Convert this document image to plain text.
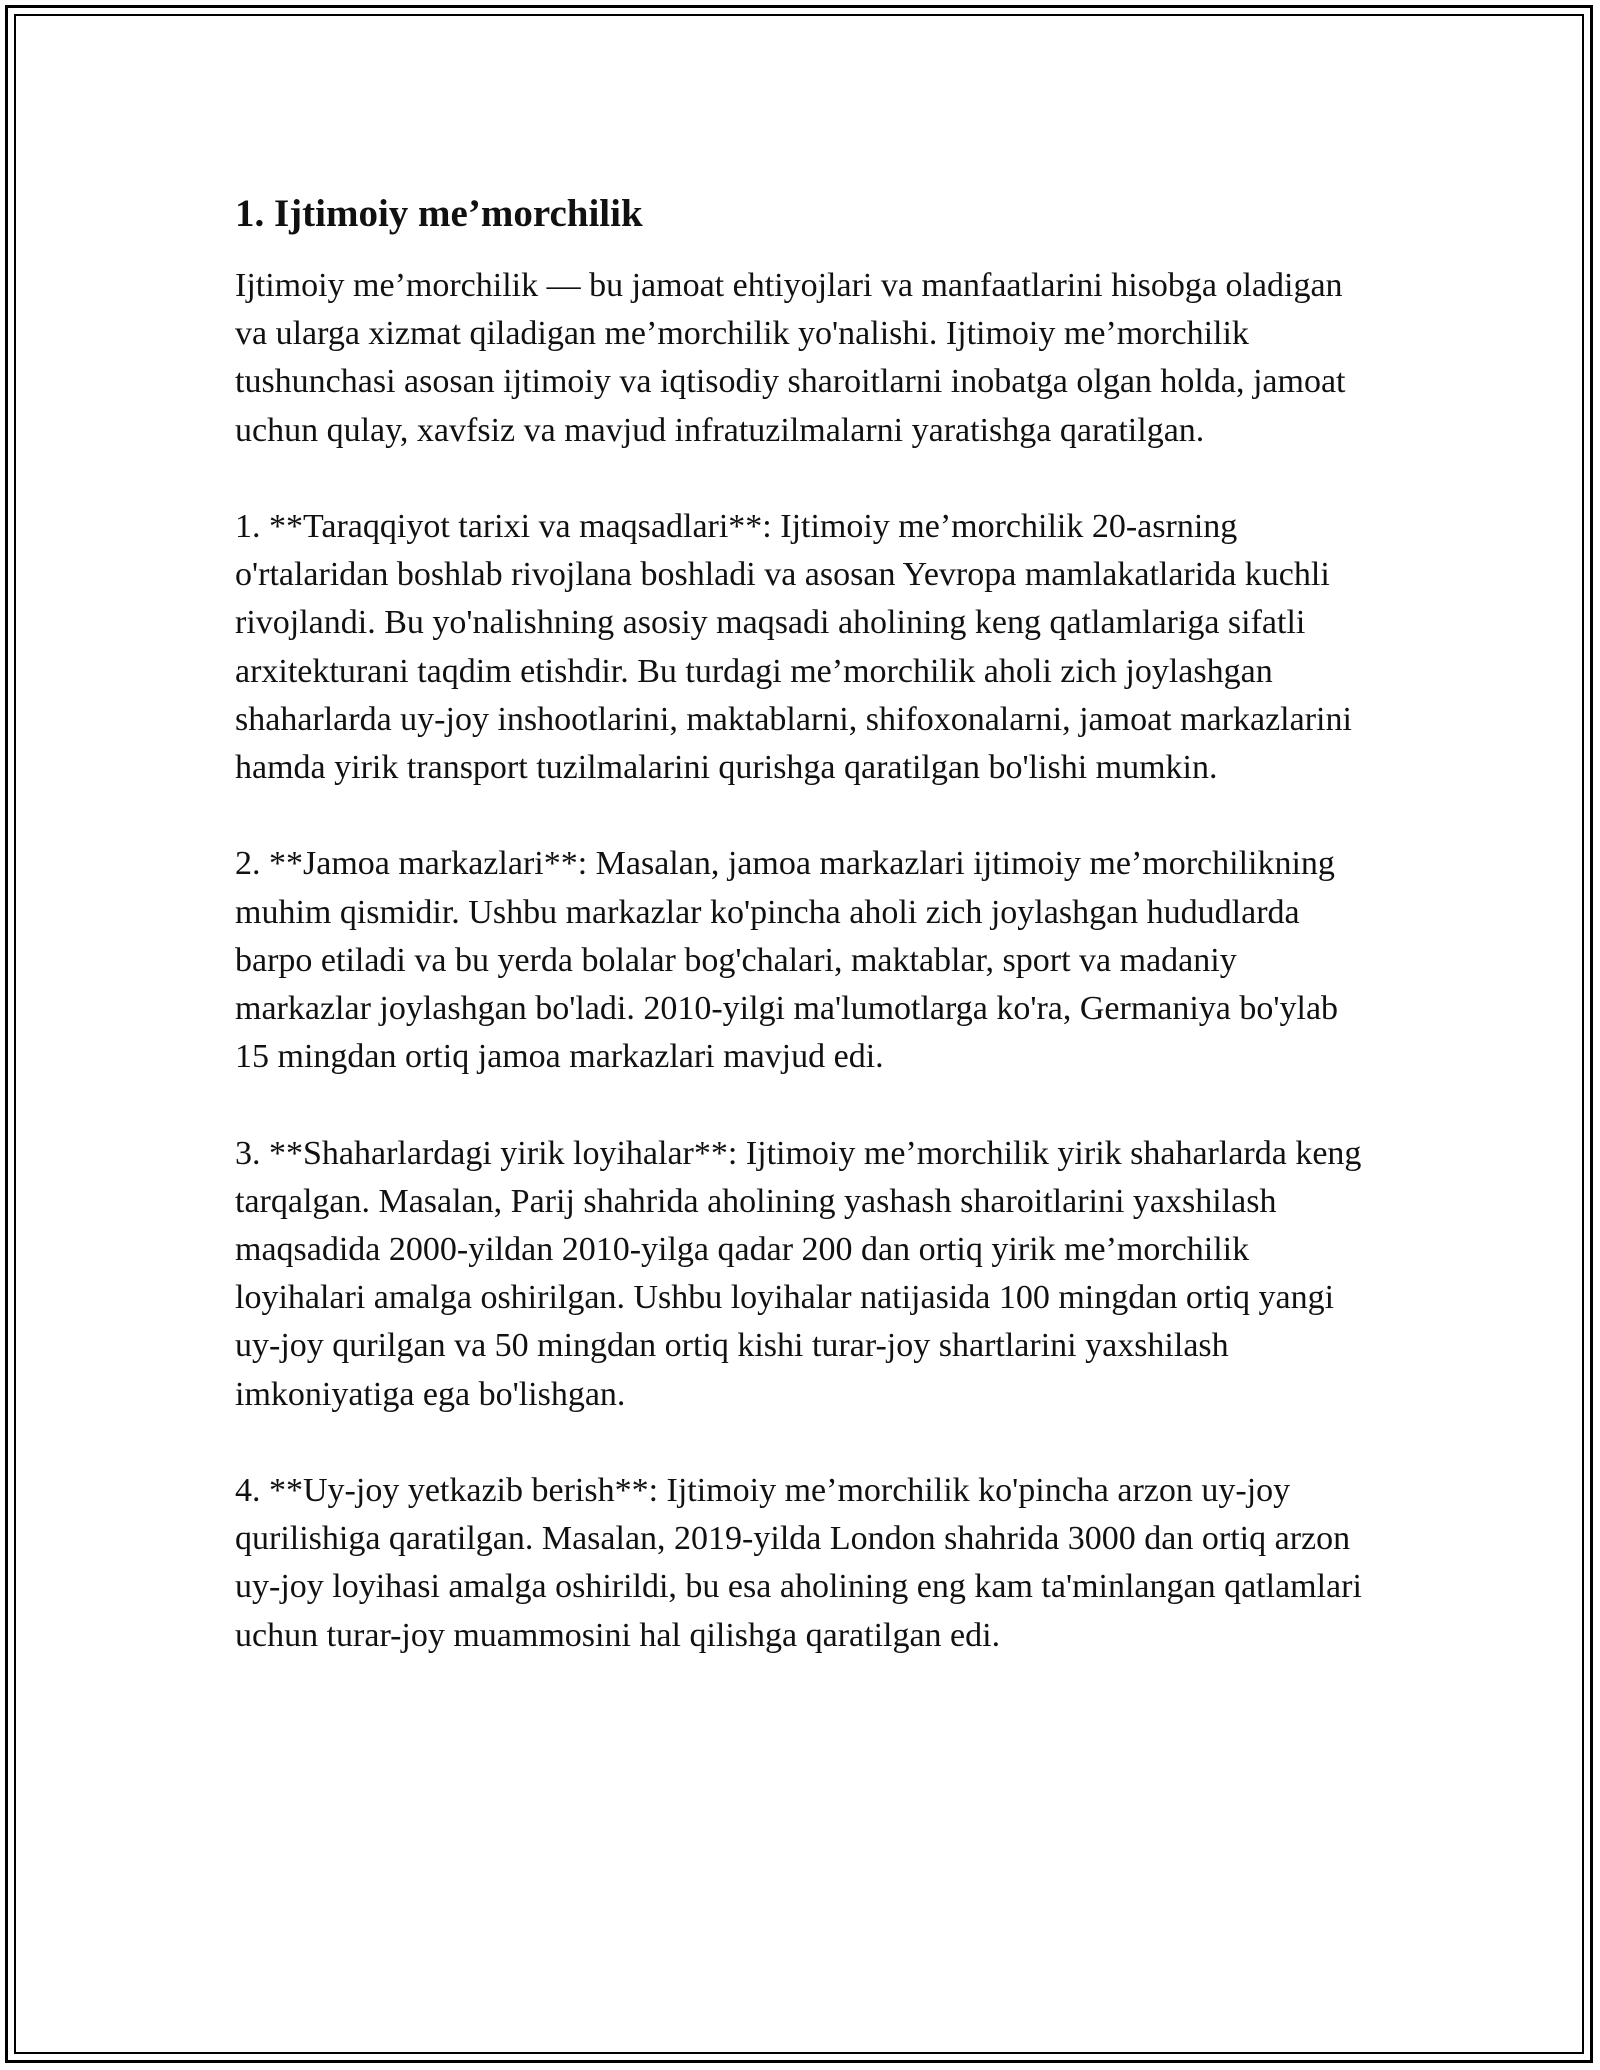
1. Ijtimoiy me’morchilik

Ijtimoiy me’morchilik — bu jamoat ehtiyojlari va manfaatlarini hisobga oladigan va ularga xizmat qiladigan me’morchilik yo'nalishi. Ijtimoiy me’morchilik tushunchasi asosan ijtimoiy va iqtisodiy sharoitlarni inobatga olgan holda, jamoat uchun qulay, xavfsiz va mavjud infratuzilmalarni yaratishga qaratilgan.

1. **Taraqqiyot tarixi va maqsadlari**: Ijtimoiy me’morchilik 20-asrning o'rtalaridan boshlab rivojlana boshladi va asosan Yevropa mamlakatlarida kuchli rivojlandi. Bu yo'nalishning asosiy maqsadi aholining keng qatlamlariga sifatli arxitekturani taqdim etishdir. Bu turdagi me’morchilik aholi zich joylashgan shaharlarda uy-joy inshootlarini, maktablarni, shifoxonalarni, jamoat markazlarini hamda yirik transport tuzilmalarini qurishga qaratilgan bo'lishi mumkin.

2. **Jamoa markazlari**: Masalan, jamoa markazlari ijtimoiy me’morchilikning muhim qismidir. Ushbu markazlar ko'pincha aholi zich joylashgan hududlarda barpo etiladi va bu yerda bolalar bog'chalari, maktablar, sport va madaniy markazlar joylashgan bo'ladi. 2010-yilgi ma'lumotlarga ko'ra, Germaniya bo'ylab 15 mingdan ortiq jamoa markazlari mavjud edi.

3. **Shaharlardagi yirik loyihalar**: Ijtimoiy me’morchilik yirik shaharlarda keng tarqalgan. Masalan, Parij shahrida aholining yashash sharoitlarini yaxshilash maqsadida 2000-yildan 2010-yilga qadar 200 dan ortiq yirik me’morchilik loyihalari amalga oshirilgan. Ushbu loyihalar natijasida 100 mingdan ortiq yangi uy-joy qurilgan va 50 mingdan ortiq kishi turar-joy shartlarini yaxshilash imkoniyatiga ega bo'lishgan.

4. **Uy-joy yetkazib berish**: Ijtimoiy me’morchilik ko'pincha arzon uy-joy qurilishiga qaratilgan. Masalan, 2019-yilda London shahrida 3000 dan ortiq arzon uy-joy loyihasi amalga oshirildi, bu esa aholining eng kam ta'minlangan qatlamlari uchun turar-joy muammosini hal qilishga qaratilgan edi.
